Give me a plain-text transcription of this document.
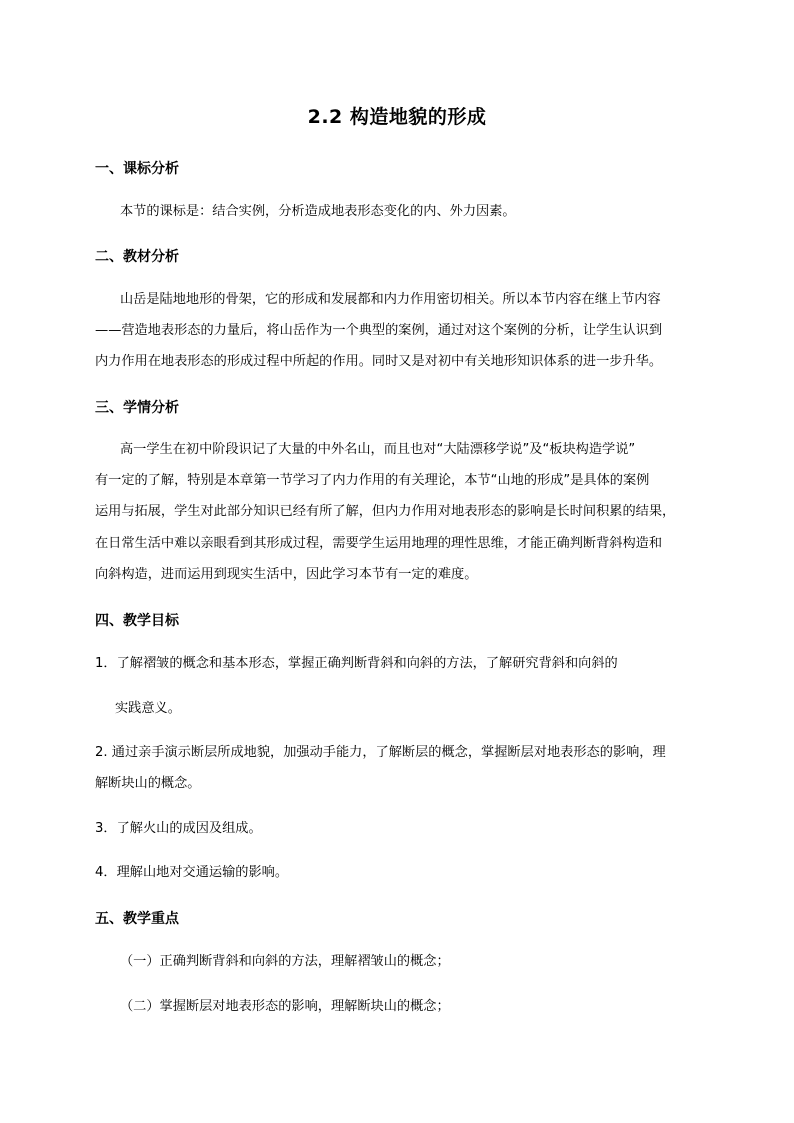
2.2 构造地貌的形成
一、课标分析
本节的课标是：结合实例，分析造成地表形态变化的内、外力因素。
二、教材分析
山岳是陆地地形的骨架，它的形成和发展都和内力作用密切相关。所以本节内容在继上节内容
——营造地表形态的力量后，将山岳作为一个典型的案例，通过对这个案例的分析，让学生认识到
内力作用在地表形态的形成过程中所起的作用。同时又是对初中有关地形知识体系的进一步升华。
三、学情分析
高一学生在初中阶段识记了大量的中外名山，而且也对“大陆漂移学说”及“板块构造学说”
有一定的了解，特别是本章第一节学习了内力作用的有关理论，本节“山地的形成”是具体的案例
运用与拓展，学生对此部分知识已经有所了解，但内力作用对地表形态的影响是长时间积累的结果，
在日常生活中难以亲眼看到其形成过程，需要学生运用地理的理性思维，才能正确判断背斜构造和
向斜构造，进而运用到现实生活中，因此学习本节有一定的难度。
四、教学目标
1．了解褶皱的概念和基本形态，掌握正确判断背斜和向斜的方法，了解研究背斜和向斜的
实践意义。
2. 通过亲手演示断层所成地貌，加强动手能力，了解断层的概念，掌握断层对地表形态的影响，理
解断块山的概念。
3．了解火山的成因及组成。
4．理解山地对交通运输的影响。
五、教学重点
（一）正确判断背斜和向斜的方法，理解褶皱山的概念；
（二）掌握断层对地表形态的影响，理解断块山的概念；
